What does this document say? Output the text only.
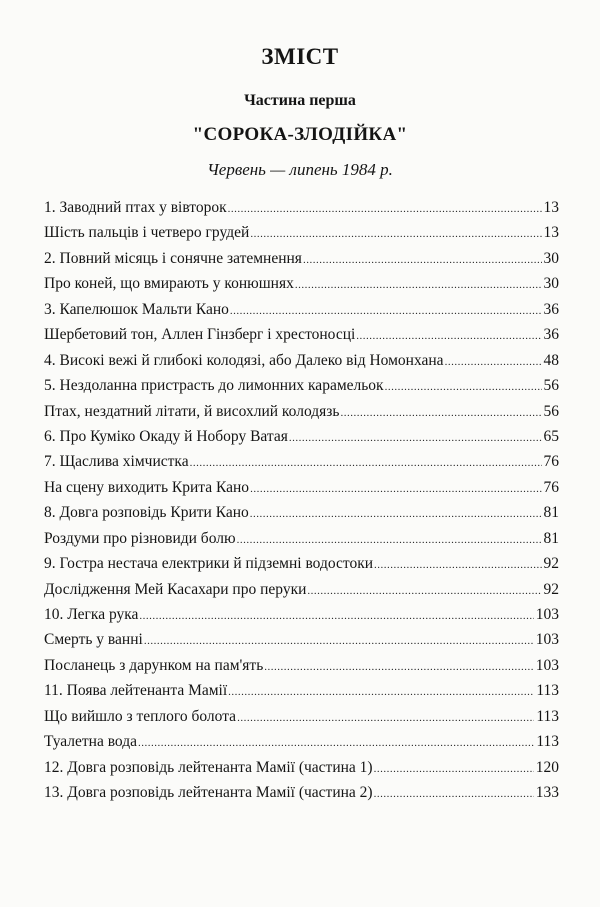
ЗМІСТ
Частина перша
"СОРОКА-ЗЛОДІЙКА"
Червень — липень 1984 р.
1. Заводний птах у вівторок .....	13
Шість пальців і четверо грудей .....	13
2. Повний місяць і сонячне затемнення .....	30
Про коней, що вмирають у конюшнях .....	30
3. Капелюшок Мальти Кано .....	36
Шербетовий тон, Аллен Гінзберг і хрестоносці .....	36
4. Високі вежі й глибокі колодязі, або Далеко від Номонхана .....	48
5. Нездоланна пристрасть до лимонних карамельок .....	56
Птах, нездатний літати, й висохлий колодязь .....	56
6. Про Куміко Окаду й Нобору Ватая .....	65
7. Щаслива хімчистка .....	76
На сцену виходить Крита Кано .....	76
8. Довга розповідь Крити Кано .....	81
Роздуми про різновиди болю .....	81
9. Гостра нестача електрики й підземні водостоки .....	92
Дослідження Мей Касахари про перуки .....	92
10. Легка рука .....	103
Смерть у ванні .....	103
Посланець з дарунком на пам'ять .....	103
11. Поява лейтенанта Мамії .....	113
Що вийшло з теплого болота .....	113
Туалетна вода .....	113
12. Довга розповідь лейтенанта Мамії (частина 1) .....	120
13. Довга розповідь лейтенанта Мамії (частина 2) .....	133
